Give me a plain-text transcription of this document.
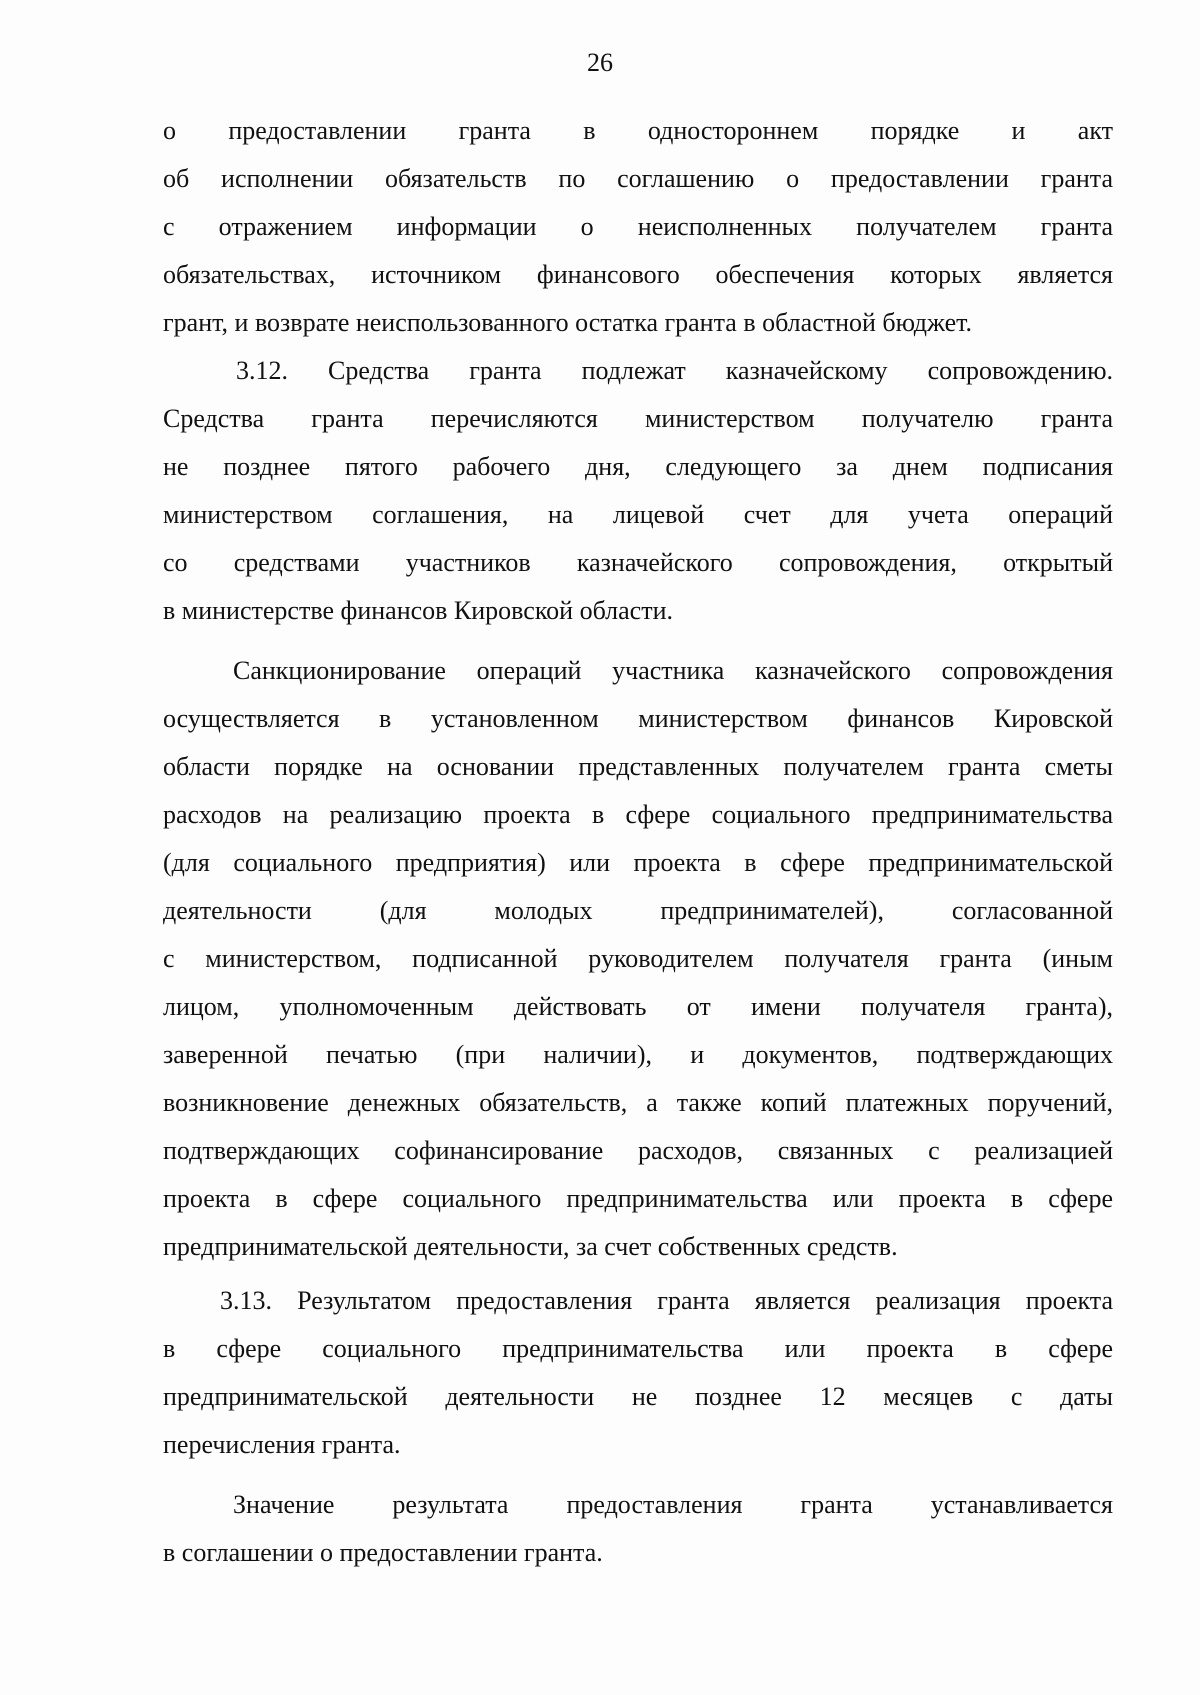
26
о предоставлении гранта в одностороннем порядке и акт
об исполнении обязательств по соглашению о предоставлении гранта
с отражением информации о неисполненных получателем гранта
обязательствах, источником финансового обеспечения которых является
грант, и возврате неиспользованного остатка гранта в областной бюджет.
3.12. Средства гранта подлежат казначейскому сопровождению.
Средства гранта перечисляются министерством получателю гранта
не позднее пятого рабочего дня, следующего за днем подписания
министерством соглашения, на лицевой счет для учета операций
со средствами участников казначейского сопровождения, открытый
в министерстве финансов Кировской области.
Санкционирование операций участника казначейского сопровождения
осуществляется в установленном министерством финансов Кировской
области порядке на основании представленных получателем гранта сметы
расходов на реализацию проекта в сфере социального предпринимательства
(для социального предприятия) или проекта в сфере предпринимательской
деятельности (для молодых предпринимателей), согласованной
с министерством, подписанной руководителем получателя гранта (иным
лицом, уполномоченным действовать от имени получателя гранта),
заверенной печатью (при наличии), и документов, подтверждающих
возникновение денежных обязательств, а также копий платежных поручений,
подтверждающих софинансирование расходов, связанных с реализацией
проекта в сфере социального предпринимательства или проекта в сфере
предпринимательской деятельности, за счет собственных средств.
3.13. Результатом предоставления гранта является реализация проекта
в сфере социального предпринимательства или проекта в сфере
предпринимательской деятельности не позднее 12 месяцев с даты
перечисления гранта.
Значение результата предоставления гранта устанавливается
в соглашении о предоставлении гранта.
